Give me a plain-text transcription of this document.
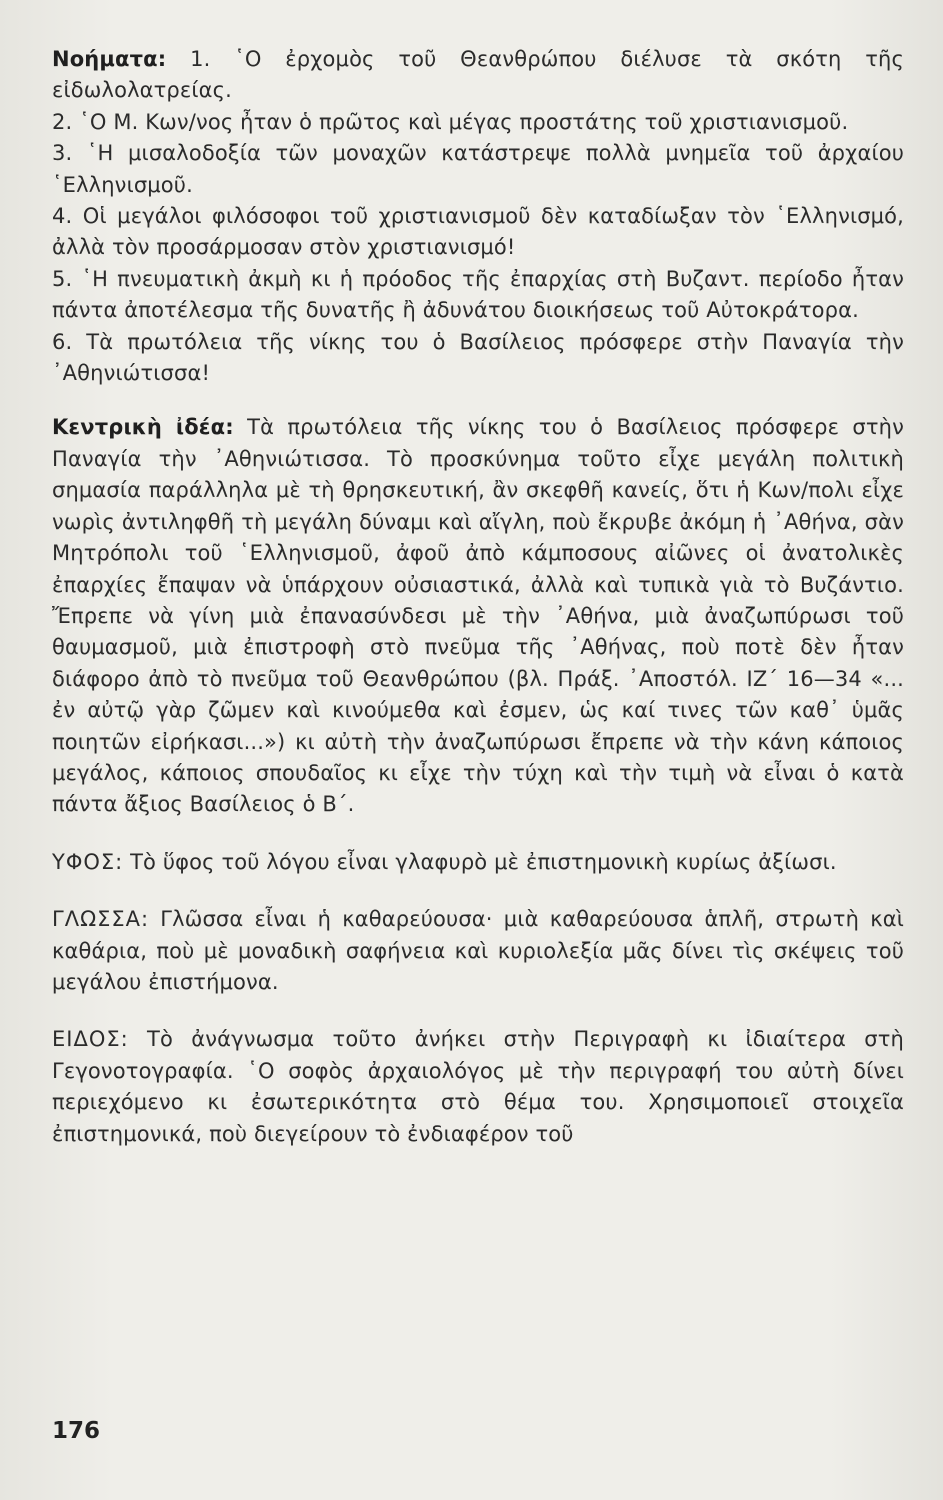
Νοήματα: 1. ῾Ο ἐρχομὸς τοῦ Θεανθρώπου διέλυσε τὰ σκότη τῆς εἰδωλολατρείας.

2. ῾Ο Μ. Κων/νος ἦταν ὁ πρῶτος καὶ μέγας προστάτης τοῦ χριστιανισμοῦ.

3. ῾Η μισαλοδοξία τῶν μοναχῶν κατάστρεψε πολλὰ μνημεῖα τοῦ ἀρχαίου ῾Ελληνισμοῦ.

4. Οἱ μεγάλοι φιλόσοφοι τοῦ χριστιανισμοῦ δὲν καταδίωξαν τὸν ῾Ελληνισμό, ἀλλὰ τὸν προσάρμοσαν στὸν χριστιανισμό!

5. ῾Η πνευματικὴ ἀκμὴ κι ἡ πρόοδος τῆς ἐπαρχίας στὴ Βυζαντ. περίοδο ἦταν πάντα ἀποτέλεσμα τῆς δυνατῆς ἢ ἀδυνάτου διοικήσεως τοῦ Αὐτοκράτορα.

6. Τὰ πρωτόλεια τῆς νίκης του ὁ Βασίλειος πρόσφερε στὴν Παναγία τὴν ᾿Αθηνιώτισσα!

Κεντρικὴ ἰδέα: Τὰ πρωτόλεια τῆς νίκης του ὁ Βασίλειος πρόσφερε στὴν Παναγία τὴν ᾿Αθηνιώτισσα. Τὸ προσκύνημα τοῦτο εἶχε μεγάλη πολιτικὴ σημασία παράλληλα μὲ τὴ θρησκευτική, ἂν σκεφθῆ κανείς, ὅτι ἡ Κων/πολι εἶχε νωρὶς ἀντιληφθῆ τὴ μεγάλη δύναμι καὶ αἴγλη, ποὺ ἔκρυβε ἀκόμη ἡ ᾿Αθήνα, σὰν Μητρόπολι τοῦ ῾Ελληνισμοῦ, ἀφοῦ ἀπὸ κάμποσους αἰῶνες οἱ ἀνατολικὲς ἐπαρχίες ἔπαψαν νὰ ὑπάρχουν οὐσιαστικά, ἀλλὰ καὶ τυπικὰ γιὰ τὸ Βυζάντιο. Ἔπρεπε νὰ γίνη μιὰ ἐπανασύνδεσι μὲ τὴν ᾿Αθήνα, μιὰ ἀναζωπύρωσι τοῦ θαυμασμοῦ, μιὰ ἐπιστροφὴ στὸ πνεῦμα τῆς ᾿Αθήνας, ποὺ ποτὲ δὲν ἦταν διάφορο ἀπὸ τὸ πνεῦμα τοῦ Θεανθρώπου (βλ. Πράξ. ᾿Αποστόλ. ΙΖ΄ 16—34 «... ἐν αὐτῷ γὰρ ζῶμεν καὶ κινούμεθα καὶ ἐσμεν, ὡς καί τινες τῶν καθ᾿ ὑμᾶς ποιητῶν εἰρήκασι...») κι αὐτὴ τὴν ἀναζωπύρωσι ἔπρεπε νὰ τὴν κάνη κάποιος μεγάλος, κάποιος σπουδαῖος κι εἶχε τὴν τύχη καὶ τὴν τιμὴ νὰ εἶναι ὁ κατὰ πάντα ἄξιος Βασίλειος ὁ Β΄.

ΥΦΟΣ: Τὸ ὕφος τοῦ λόγου εἶναι γλαφυρὸ μὲ ἐπιστημονικὴ κυρίως ἀξίωσι.

ΓΛΩΣΣΑ: Γλῶσσα εἶναι ἡ καθαρεύουσα· μιὰ καθαρεύουσα ἁπλῆ, στρωτὴ καὶ καθάρια, ποὺ μὲ μοναδικὴ σαφήνεια καὶ κυριολεξία μᾶς δίνει τὶς σκέψεις τοῦ μεγάλου ἐπιστήμονα.

ΕΙΔΟΣ: Τὸ ἀνάγνωσμα τοῦτο ἀνήκει στὴν Περιγραφὴ κι ἰδιαίτερα στὴ Γεγονοτογραφία. ῾Ο σοφὸς ἀρχαιολόγος μὲ τὴν περιγραφή του αὐτὴ δίνει περιεχόμενο κι ἐσωτερικότητα στὸ θέμα του. Χρησιμοποιεῖ στοιχεῖα ἐπιστημονικά, ποὺ διεγείρουν τὸ ἐνδιαφέρον τοῦ

176
